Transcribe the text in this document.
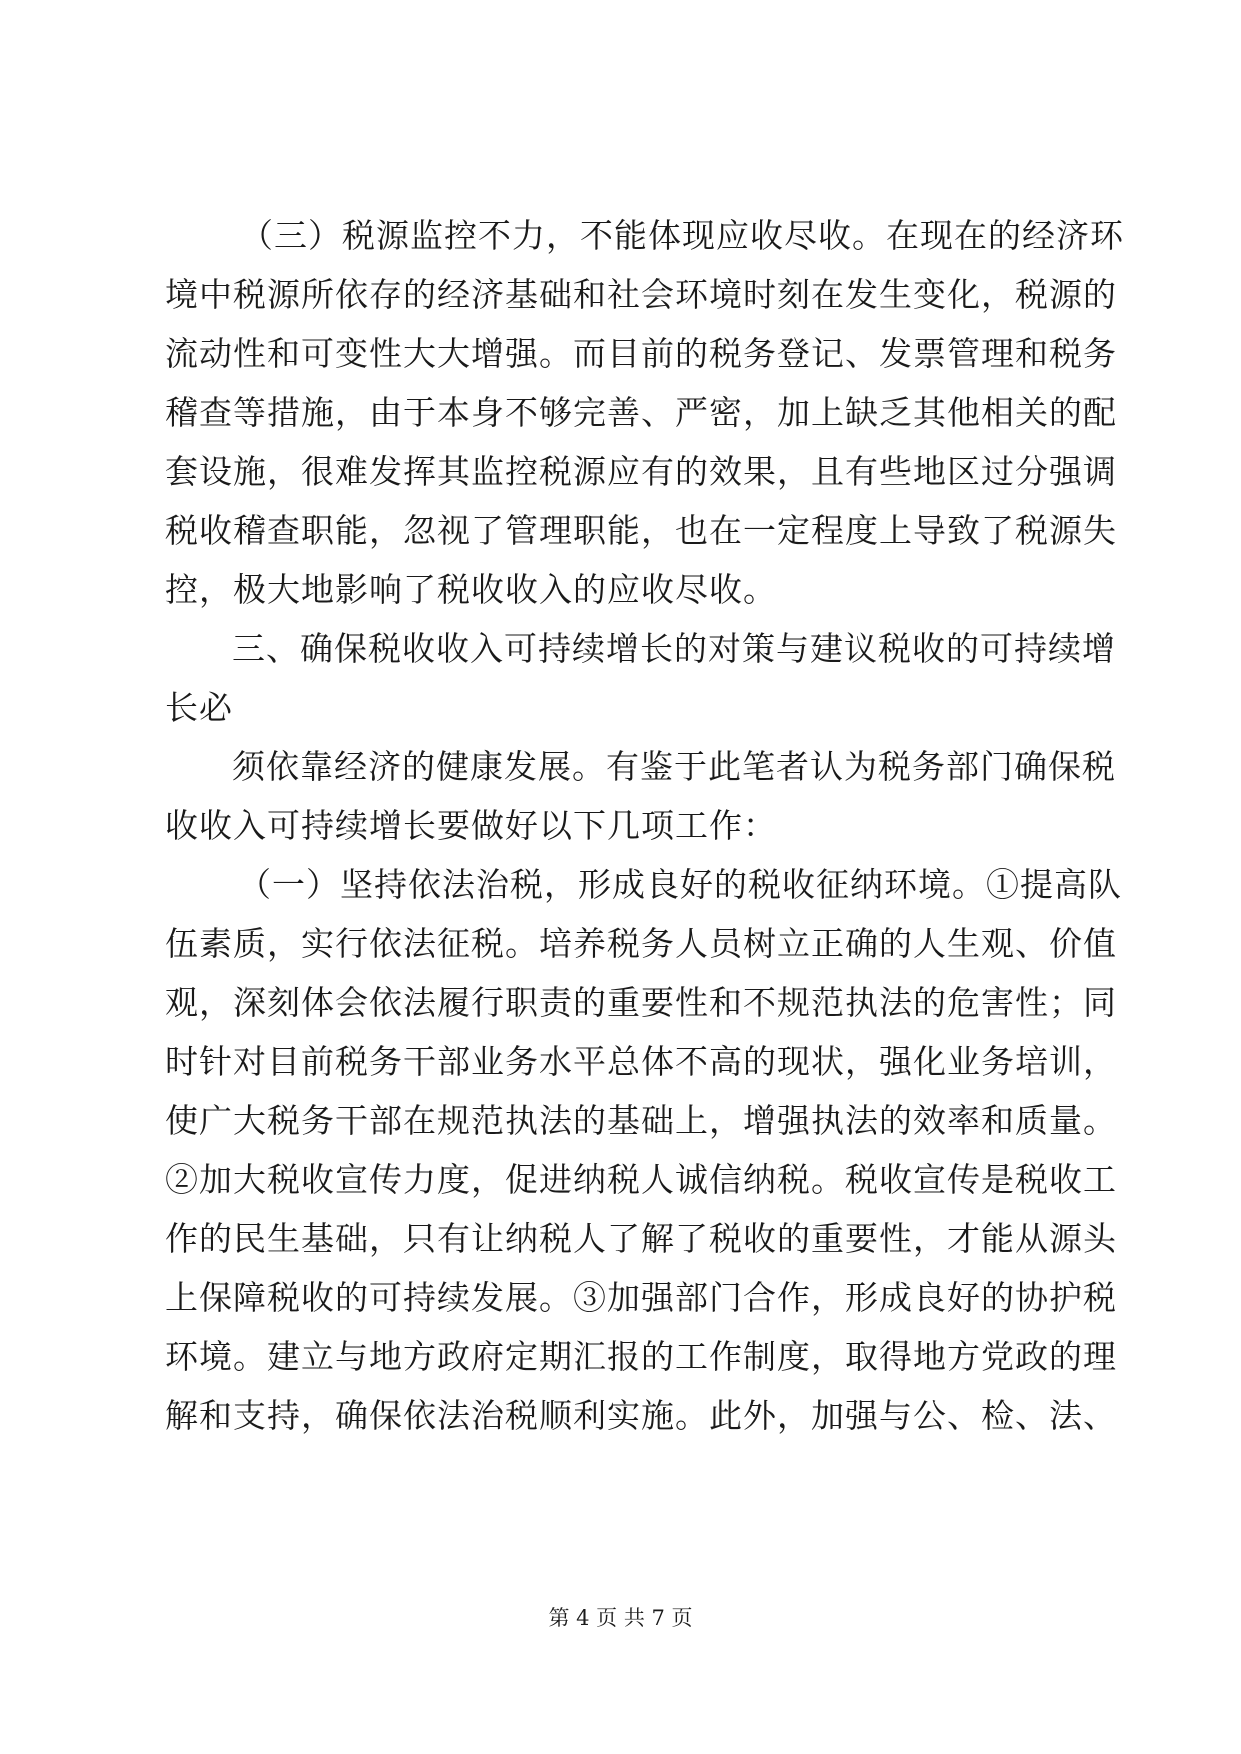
（三）税源监控不力，不能体现应收尽收。在现在的经济环
境中税源所依存的经济基础和社会环境时刻在发生变化，税源的
流动性和可变性大大增强。而目前的税务登记、发票管理和税务
稽查等措施，由于本身不够完善、严密，加上缺乏其他相关的配
套设施，很难发挥其监控税源应有的效果，且有些地区过分强调
税收稽查职能，忽视了管理职能，也在一定程度上导致了税源失
控，极大地影响了税收收入的应收尽收。
三、确保税收收入可持续增长的对策与建议税收的可持续增
长必
须依靠经济的健康发展。有鉴于此笔者认为税务部门确保税
收收入可持续增长要做好以下几项工作：
（一）坚持依法治税，形成良好的税收征纳环境。①提高队
伍素质，实行依法征税。培养税务人员树立正确的人生观、价值
观，深刻体会依法履行职责的重要性和不规范执法的危害性；同
时针对目前税务干部业务水平总体不高的现状，强化业务培训，
使广大税务干部在规范执法的基础上，增强执法的效率和质量。
②加大税收宣传力度，促进纳税人诚信纳税。税收宣传是税收工
作的民生基础，只有让纳税人了解了税收的重要性，才能从源头
上保障税收的可持续发展。③加强部门合作，形成良好的协护税
环境。建立与地方政府定期汇报的工作制度，取得地方党政的理
解和支持，确保依法治税顺利实施。此外，加强与公、检、法、
第 4 页 共 7 页
